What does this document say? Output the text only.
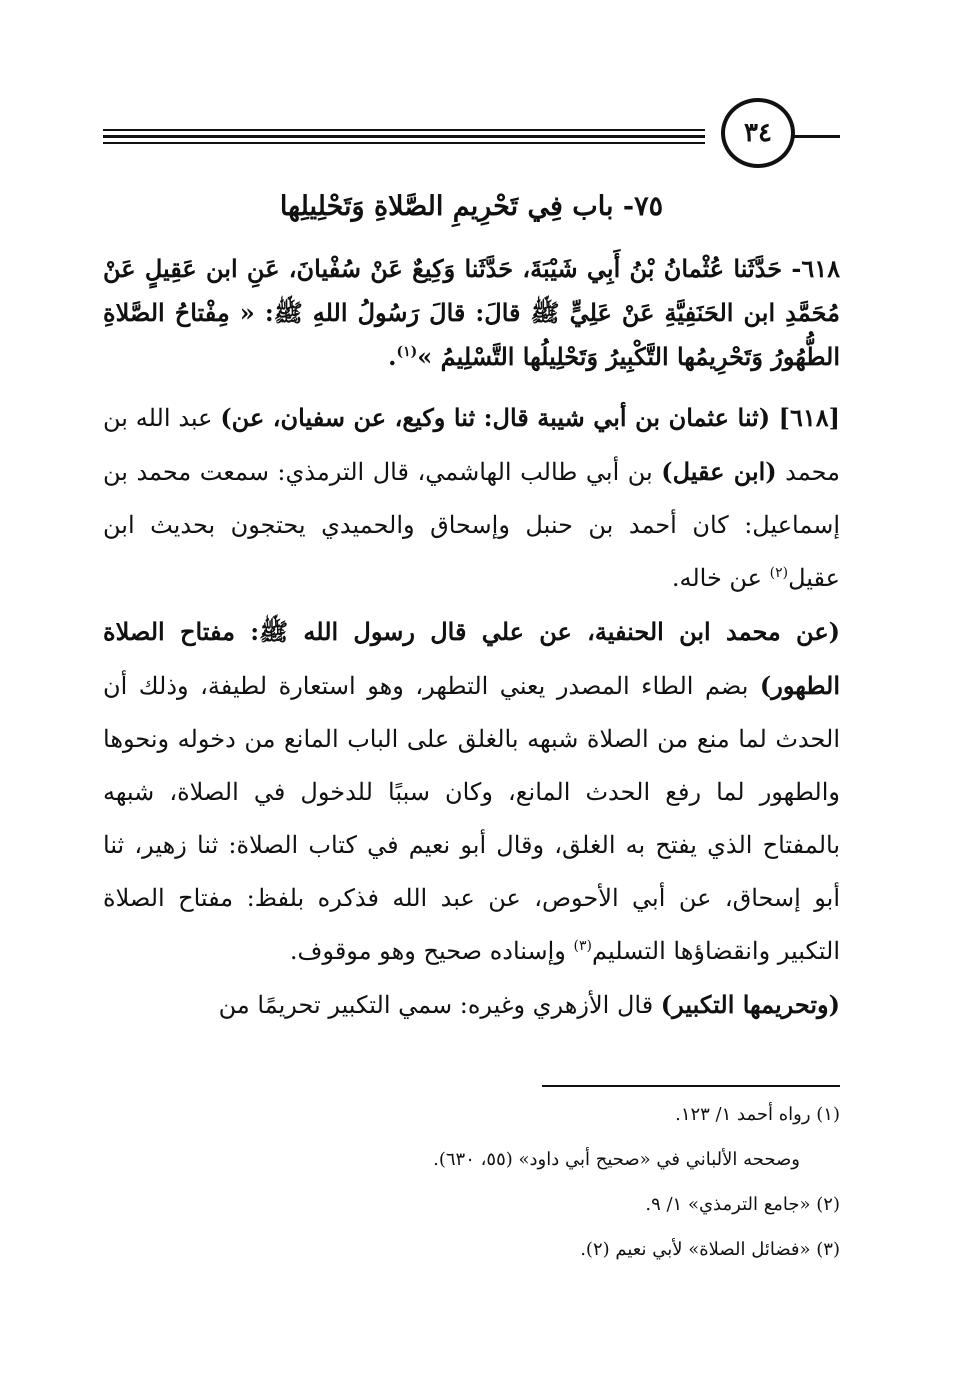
٣٤
٧٥- باب فِي تَحْرِيمِ الصَّلاةِ وَتَحْلِيلِها

٦١٨- حَدَّثَنا عُثْمانُ بْنُ أَبِي شَيْبَةَ، حَدَّثَنا وَكِيعٌ عَنْ سُفْيانَ، عَنِ ابن عَقِيلٍ عَنْ مُحَمَّدِ ابن الحَنَفِيَّةِ عَنْ عَلِيٍّ ﷺ قالَ: قالَ رَسُولُ اللهِ ﷺ: « مِفْتاحُ الصَّلاةِ الطُّهُورُ وَتَحْرِيمُها التَّكْبِيرُ وَتَحْلِيلُها التَّسْلِيمُ »$^{(١)}$.

[٦١٨] (ثنا عثمان بن أبي شيبة قال: ثنا وكيع، عن سفيان، عن) عبد الله بن محمد (ابن عقيل) بن أبي طالب الهاشمي، قال الترمذي: سمعت محمد بن إسماعيل: كان أحمد بن حنبل وإسحاق والحميدي يحتجون بحديث ابن عقيل$^{(٢)}$ عن خاله.

(عن محمد ابن الحنفية، عن علي قال رسول الله ﷺ: مفتاح الصلاة الطهور) بضم الطاء المصدر يعني التطهر، وهو استعارة لطيفة، وذلك أن الحدث لما منع من الصلاة شبهه بالغلق على الباب المانع من دخوله ونحوها والطهور لما رفع الحدث المانع، وكان سببًا للدخول في الصلاة، شبهه بالمفتاح الذي يفتح به الغلق، وقال أبو نعيم في كتاب الصلاة: ثنا زهير، ثنا أبو إسحاق، عن أبي الأحوص، عن عبد الله فذكره بلفظ: مفتاح الصلاة التكبير وانقضاؤها التسليم$^{(٣)}$ وإسناده صحيح وهو موقوف.

(وتحريمها التكبير) قال الأزهري وغيره: سمي التكبير تحريمًا من

(١) رواه أحمد ١/ ١٢٣.

وصححه الألباني في «صحيح أبي داود» (٥٥، ٦٣٠).

(٢) «جامع الترمذي» ١/ ٩.

(٣) «فضائل الصلاة» لأبي نعيم (٢).
